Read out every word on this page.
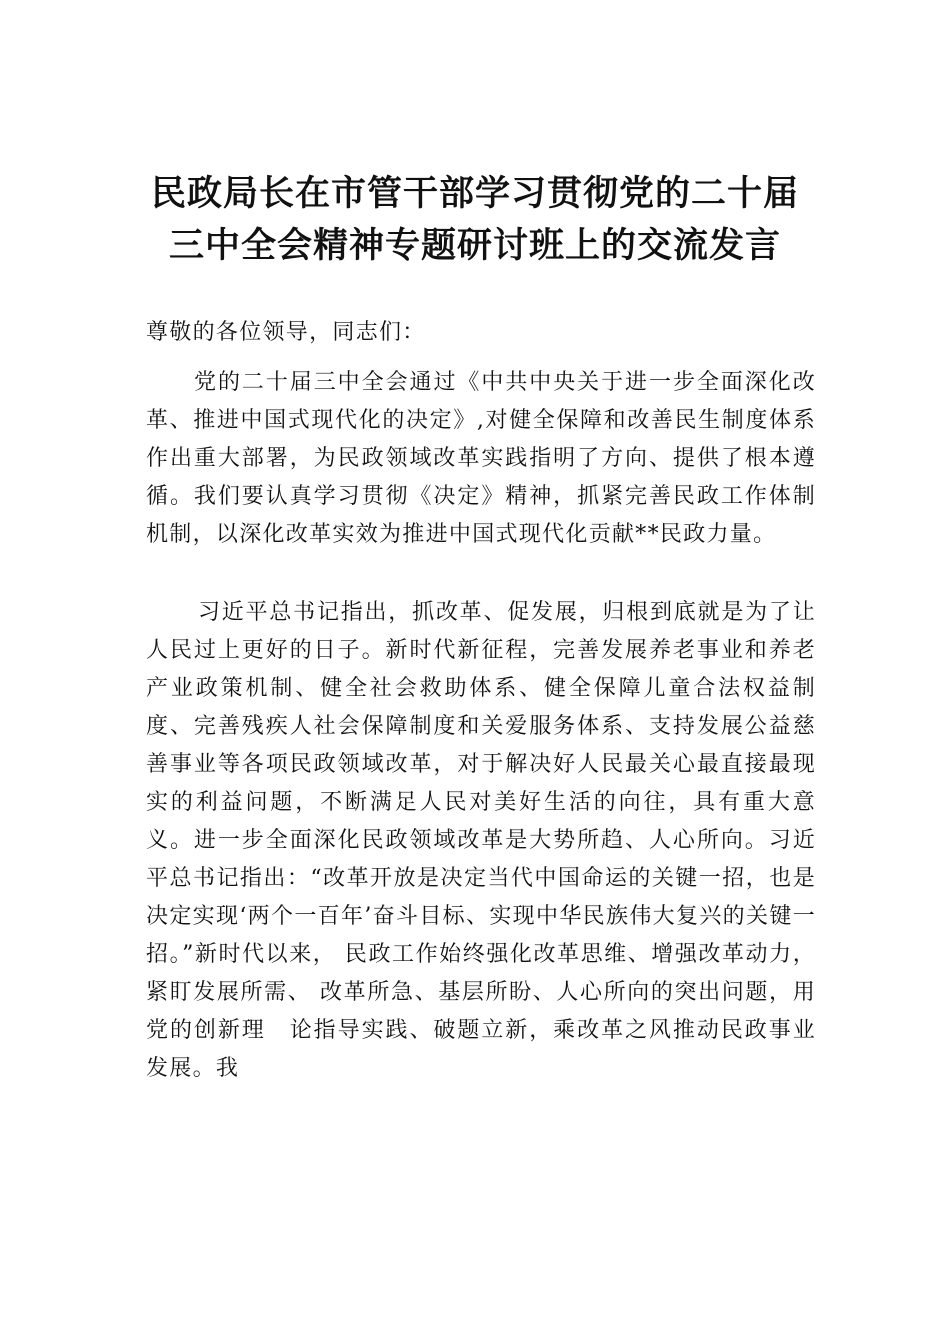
民政局长在市管干部学习贯彻党的二十届
三中全会精神专题研讨班上的交流发言
尊敬的各位领导，同志们：
党的二十届三中全会通过《中共中央关于进一步全面深化改革、推进中国式现代化的决定》,对健全保障和改善民生制度体系作出重大部署，为民政领域改革实践指明了方向、提供了根本遵循。我们要认真学习贯彻《决定》精神，抓紧完善民政工作体制机制，以深化改革实效为推进中国式现代化贡献**民政力量。
习近平总书记指出，抓改革、促发展，归根到底就是为了让人民过上更好的日子。新时代新征程，完善发展养老事业和养老产业政策机制、健全社会救助体系、健全保障儿童合法权益制度、完善残疾人社会保障制度和关爱服务体系、支持发展公益慈善事业等各项民政领域改革，对于解决好人民最关心最直接最现实的利益问题，不断满足人民对美好生活的向往，具有重大意义。进一步全面深化民政领域改革是大势所趋、人心所向。习近平总书记指出：“改革开放是决定当代中国命运的关键一招，也是决定实现‘两个一百年’奋斗目标、实现中华民族伟大复兴的关键一招。”新时代以来， 民政工作始终强化改革思维、增强改革动力，紧盯发展所需、 改革所急、基层所盼、人心所向的突出问题，用党的创新理　论指导实践、破题立新，乘改革之风推动民政事业发展。我
